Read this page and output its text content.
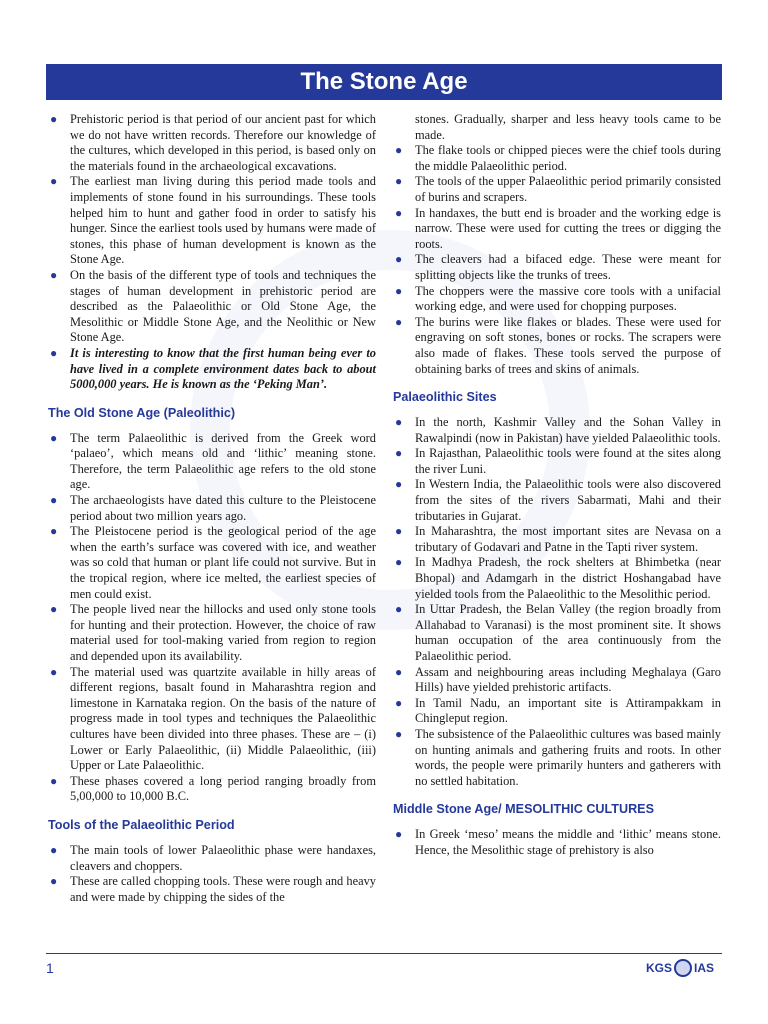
The Stone Age
● Prehistoric period is that period of our ancient past for which we do not have written records. Therefore our knowledge of the cultures, which developed in this period, is based only on the materials found in the archaeological excavations.
● The earliest man living during this period made tools and implements of stone found in his surroundings. These tools helped him to hunt and gather food in order to satisfy his hunger. Since the earliest tools used by humans were made of stones, this phase of human development is known as the Stone Age.
● On the basis of the different type of tools and techniques the stages of human development in prehistoric period are described as the Palaeolithic or Old Stone Age, the Mesolithic or Middle Stone Age, and the Neolithic or New Stone Age.
● It is interesting to know that the first human being ever to have lived in a complete environment dates back to about 5000,000 years. He is known as the ‘Peking Man’.
The Old Stone Age (Paleolithic)
● The term Palaeolithic is derived from the Greek word ‘palaeo’, which means old and ‘lithic’ meaning stone. Therefore, the term Palaeolithic age refers to the old stone age.
● The archaeologists have dated this culture to the Pleistocene period about two million years ago.
● The Pleistocene period is the geological period of the age when the earth’s surface was covered with ice, and weather was so cold that human or plant life could not survive. But in the tropical region, where ice melted, the earliest species of men could exist.
● The people lived near the hillocks and used only stone tools for hunting and their protection. However, the choice of raw material used for tool-making varied from region to region and depended upon its availability.
● The material used was quartzite available in hilly areas of different regions, basalt found in Maharashtra region and limestone in Karnataka region. On the basis of the nature of progress made in tool types and techniques the Palaeolithic cultures have been divided into three phases. These are – (i) Lower or Early Palaeolithic, (ii) Middle Palaeolithic, (iii) Upper or Late Palaeolithic.
● These phases covered a long period ranging broadly from 5,00,000 to 10,000 B.C.
Tools of the Palaeolithic Period
● The main tools of lower Palaeolithic phase were handaxes, cleavers and choppers.
● These are called chopping tools. These were rough and heavy and were made by chipping the sides of the
stones. Gradually, sharper and less heavy tools came to be made.
● The flake tools or chipped pieces were the chief tools during the middle Palaeolithic period.
● The tools of the upper Palaeolithic period primarily consisted of burins and scrapers.
● In handaxes, the butt end is broader and the working edge is narrow. These were used for cutting the trees or digging the roots.
● The cleavers had a bifaced edge. These were meant for splitting objects like the trunks of trees.
● The choppers were the massive core tools with a unifacial working edge, and were used for chopping purposes.
● The burins were like flakes or blades. These were used for engraving on soft stones, bones or rocks. The scrapers were also made of flakes. These tools served the purpose of obtaining barks of trees and skins of animals.
Palaeolithic Sites
● In the north, Kashmir Valley and the Sohan Valley in Rawalpindi (now in Pakistan) have yielded Palaeolithic tools.
● In Rajasthan, Palaeolithic tools were found at the sites along the river Luni.
● In Western India, the Palaeolithic tools were also discovered from the sites of the rivers Sabarmati, Mahi and their tributaries in Gujarat.
● In Maharashtra, the most important sites are Nevasa on a tributary of Godavari and Patne in the Tapti river system.
● In Madhya Pradesh, the rock shelters at Bhimbetka (near Bhopal) and Adamgarh in the district Hoshangabad have yielded tools from the Palaeolithic to the Mesolithic period.
● In Uttar Pradesh, the Belan Valley (the region broadly from Allahabad to Varanasi) is the most prominent site. It shows human occupation of the area continuously from the Palaeolithic period.
● Assam and neighbouring areas including Meghalaya (Garo Hills) have yielded prehistoric artifacts.
● In Tamil Nadu, an important site is Attirampakkam in Chingleput region.
● The subsistence of the Palaeolithic cultures was based mainly on hunting animals and gathering fruits and roots. In other words, the people were primarily hunters and gatherers with no settled habitation.
Middle Stone Age/ MESOLITHIC CULTURES
● In Greek ‘meso’ means the middle and ‘lithic’ means stone. Hence, the Mesolithic stage of prehistory is also
1	KGS IAS
